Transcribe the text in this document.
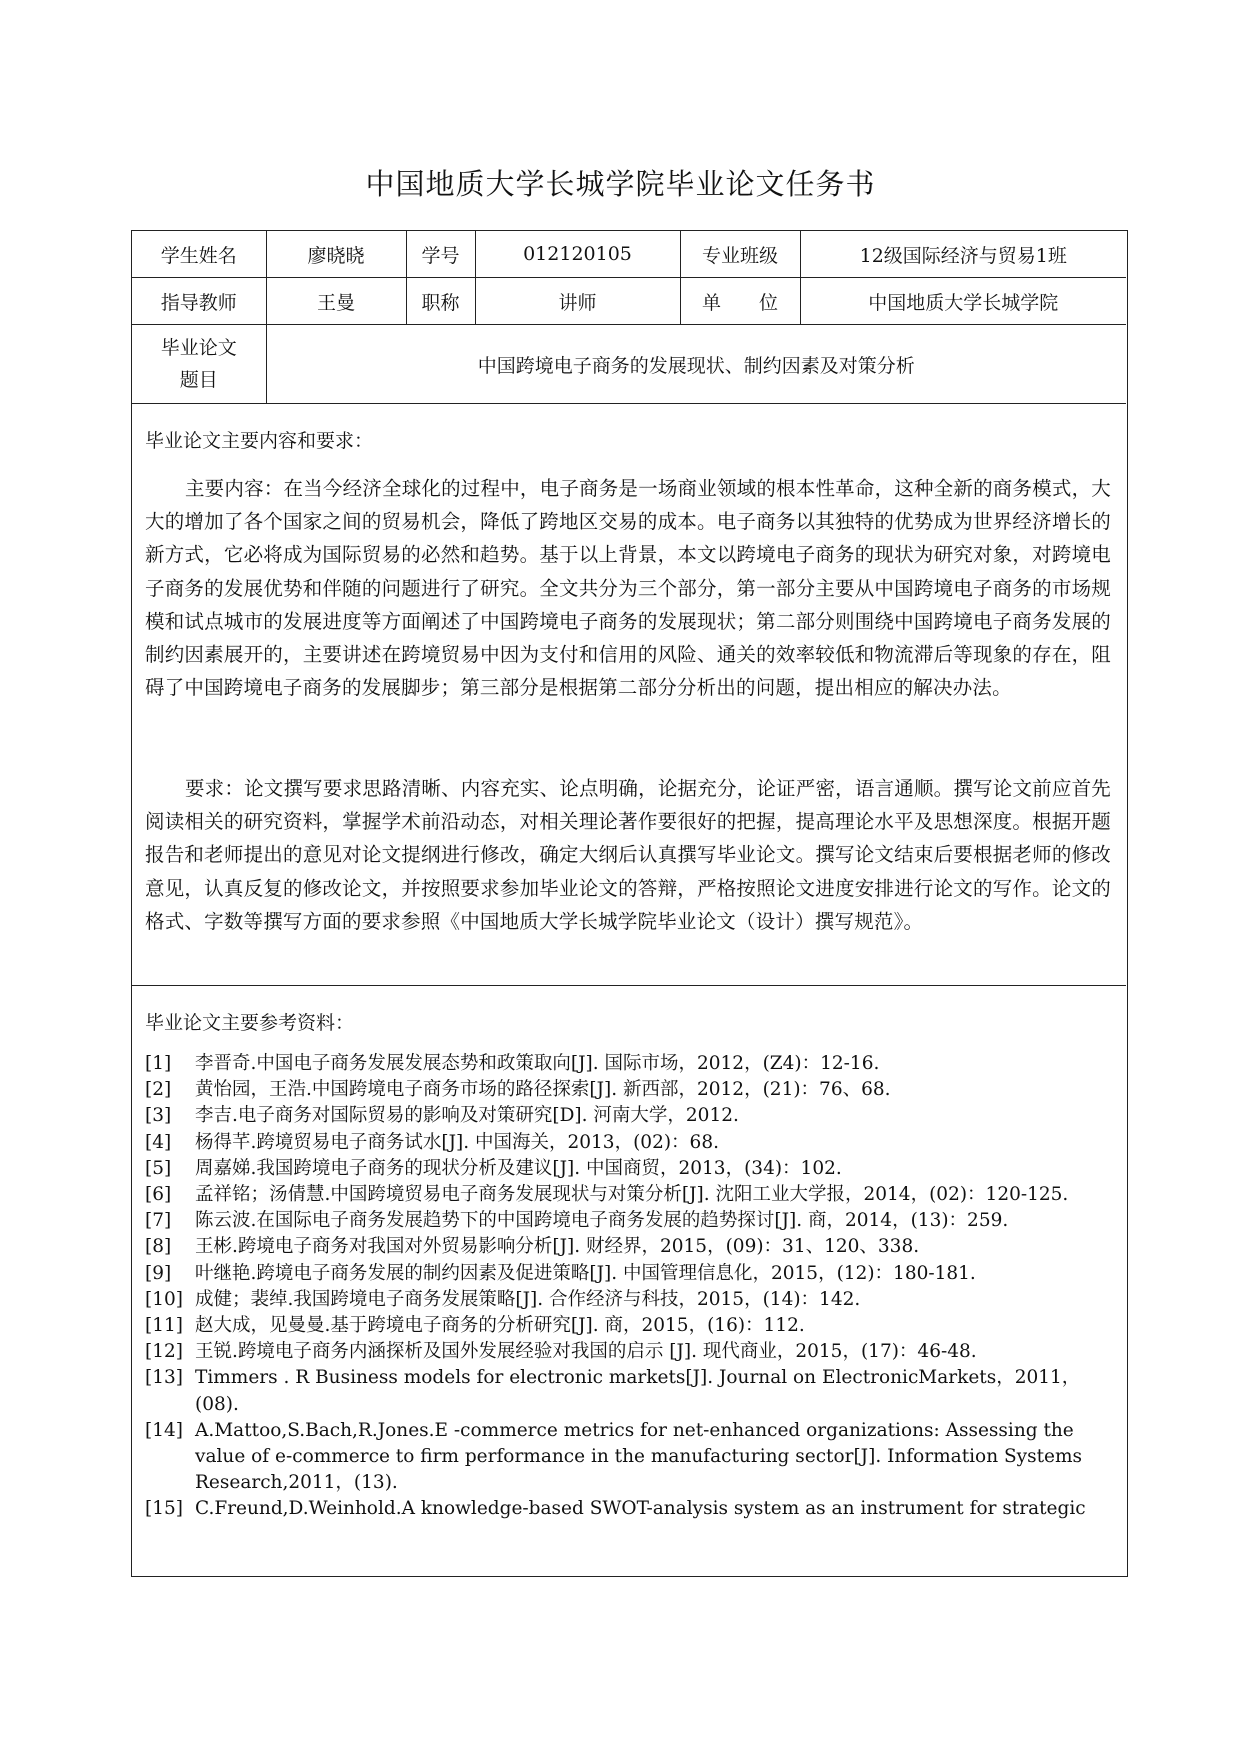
中国地质大学长城学院毕业论文任务书
学生姓名	廖晓晓	学号	012120105	专业班级	12级国际经济与贸易1班
指导教师	王曼	职称	讲师	单　　位	中国地质大学长城学院

毕业论文
题目	中国跨境电子商务的发展现状、制约因素及对策分析				
毕业论文主要内容和要求：
主要内容：在当今经济全球化的过程中，电子商务是一场商业领域的根本性革命，这种全新的商务模式，大大的增加了各个国家之间的贸易机会，降低了跨地区交易的成本。电子商务以其独特的优势成为世界经济增长的新方式，它必将成为国际贸易的必然和趋势。基于以上背景，本文以跨境电子商务的现状为研究对象，对跨境电子商务的发展优势和伴随的问题进行了研究。全文共分为三个部分，第一部分主要从中国跨境电子商务的市场规模和试点城市的发展进度等方面阐述了中国跨境电子商务的发展现状；第二部分则围绕中国跨境电子商务发展的制约因素展开的，主要讲述在跨境贸易中因为支付和信用的风险、通关的效率较低和物流滞后等现象的存在，阻碍了中国跨境电子商务的发展脚步；第三部分是根据第二部分分析出的问题，提出相应的解决办法。
要求：论文撰写要求思路清晰、内容充实、论点明确，论据充分，论证严密，语言通顺。撰写论文前应首先阅读相关的研究资料，掌握学术前沿动态，对相关理论著作要很好的把握，提高理论水平及思想深度。根据开题报告和老师提出的意见对论文提纲进行修改，确定大纲后认真撰写毕业论文。撰写论文结束后要根据老师的修改意见，认真反复的修改论文，并按照要求参加毕业论文的答辩，严格按照论文进度安排进行论文的写作。论文的格式、字数等撰写方面的要求参照《中国地质大学长城学院毕业论文（设计）撰写规范》。
毕业论文主要参考资料：
[1]	李晋奇.中国电子商务发展发展态势和政策取向[J]. 国际市场，2012，(Z4)：12-16.
[2]	黄怡园，王浩.中国跨境电子商务市场的路径探索[J]. 新西部，2012，(21)：76、68.
[3]	李吉.电子商务对国际贸易的影响及对策研究[D]. 河南大学，2012.
[4]	杨得芊.跨境贸易电子商务试水[J]. 中国海关，2013，(02)：68.
[5]	周嘉娣.我国跨境电子商务的现状分析及建议[J]. 中国商贸，2013，(34)：102.
[6]	孟祥铭；汤倩慧.中国跨境贸易电子商务发展现状与对策分析[J]. 沈阳工业大学报，2014，(02)：120-125.
[7]	陈云波.在国际电子商务发展趋势下的中国跨境电子商务发展的趋势探讨[J]. 商，2014，(13)：259.
[8]	王彬.跨境电子商务对我国对外贸易影响分析[J]. 财经界，2015，(09)：31、120、338.
[9]	叶继艳.跨境电子商务发展的制约因素及促进策略[J]. 中国管理信息化，2015，(12)：180-181.
[10] 成健；裴绰.我国跨境电子商务发展策略[J]. 合作经济与科技，2015，(14)：142.
[11] 赵大成，见曼曼.基于跨境电子商务的分析研究[J]. 商，2015，(16)：112.
[12] 王锐.跨境电子商务内涵探析及国外发展经验对我国的启示 [J]. 现代商业，2015，(17)：46-48.
[13] Timmers . R Business models for electronic markets[J]. Journal on ElectronicMarkets，2011，(08).
[14] A.Mattoo,S.Bach,R.Jones.E -commerce metrics for net-enhanced organizations: Assessing the value of e-commerce to firm performance in the manufacturing sector[J]. Information Systems Research,2011，(13).
[15] C.Freund,D.Weinhold.A knowledge-based SWOT-analysis system as an instrument for strategic
